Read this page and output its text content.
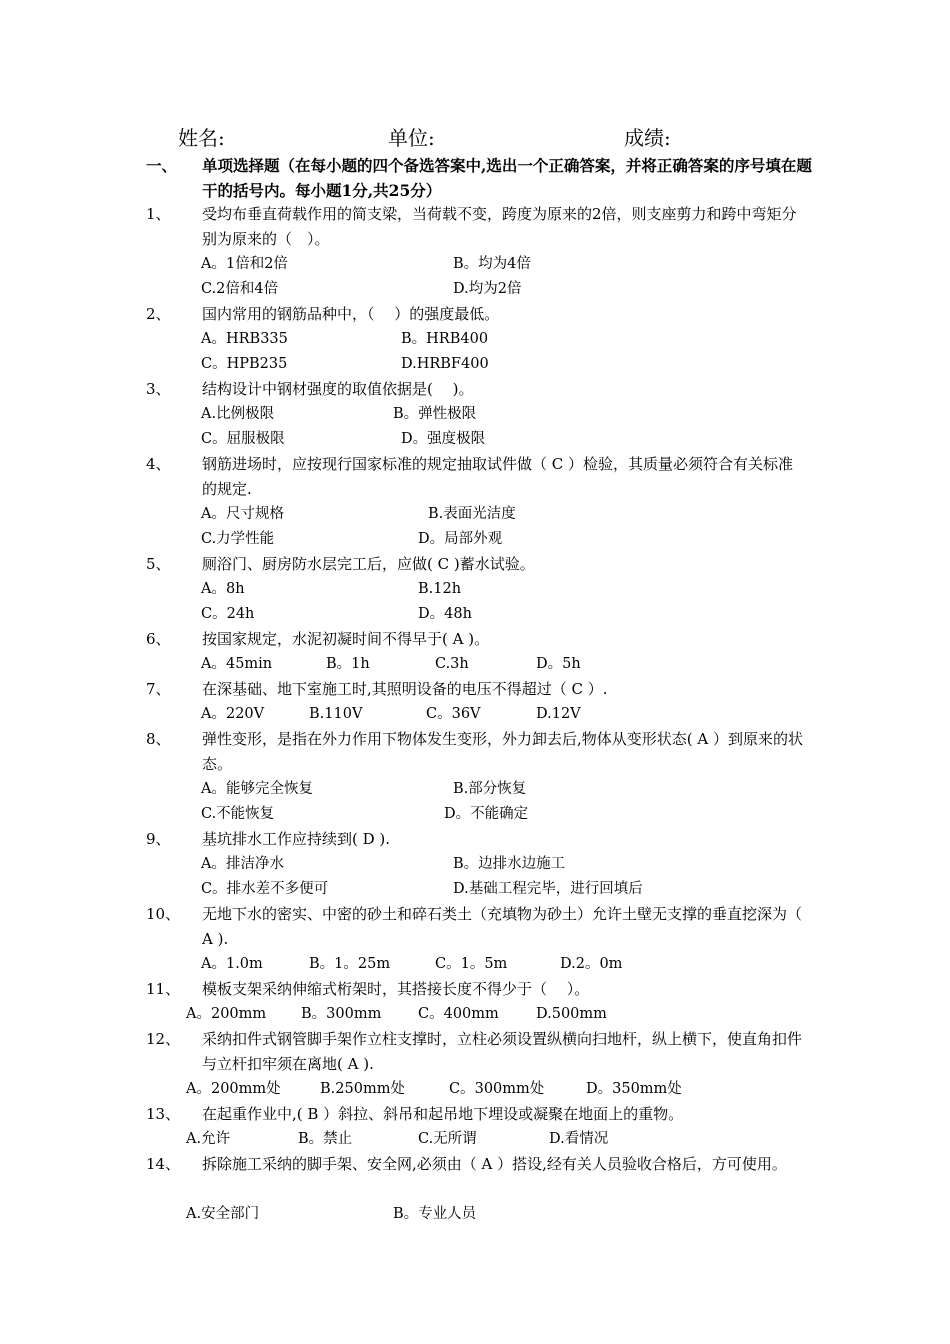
姓名:	单位:	成绩:
一、 单项选择题（在每小题的四个备选答案中,选出一个正确答案，并将正确答案的序号填在题干的括号内。每小题1分,共25分）
1、 受均布垂直荷载作用的简支梁，当荷载不变，跨度为原来的2倍，则支座剪力和跨中弯矩分别为原来的（　）。
A。1倍和2倍	B。均为4倍
C.2倍和4倍	D.均为2倍
2、 国内常用的钢筋品种中，（　 ）的强度最低。
A。HRB335	B。HRB400
C。HPB235	D.HRBF400
3、 结构设计中钢材强度的取值依据是(　 )。
A.比例极限	B。弹性极限
C。屈服极限	D。强度极限
4、 钢筋进场时，应按现行国家标准的规定抽取试件做（ C ）检验，其质量必须符合有关标准的规定.
A。尺寸规格	B.表面光洁度
C.力学性能	D。局部外观
5、 厕浴门、厨房防水层完工后，应做( C )蓄水试验。
A。8h	B.12h
C。24h	D。48h
6、 按国家规定，水泥初凝时间不得早于( A )。
A。45min	B。1h	C.3h	D。5h
7、 在深基础、地下室施工时,其照明设备的电压不得超过（ C ）.
A。220V	B.110V	C。36V	D.12V
8、 弹性变形，是指在外力作用下物体发生变形，外力卸去后,物体从变形状态( A ）到原来的状态。
A。能够完全恢复	B.部分恢复
C.不能恢复	D。不能确定
9、 基坑排水工作应持续到( D ).
A。排洁净水	B。边排水边施工
C。排水差不多便可	D.基础工程完毕，进行回填后
10、 无地下水的密实、中密的砂土和碎石类土（充填物为砂土）允许土壁无支撑的垂直挖深为（ A ).
A。1.0m	B。1。25m	C。1。5m	D.2。0m
11、 模板支架采纳伸缩式桁架时，其搭接长度不得少于（　 ）。
A。200mm B。300mm	C。400mm	D.500mm
12、 采纳扣件式钢管脚手架作立柱支撑时，立柱必须设置纵横向扫地杆，纵上横下，使直角扣件与立杆扣牢须在离地( A ).
A。200mm处	B.250mm处	C。300mm处	D。350mm处
13、 在起重作业中,( B ）斜拉、斜吊和起吊地下埋设或凝聚在地面上的重物。
A.允许	B。禁止	C.无所谓	D.看情况
14、 拆除施工采纳的脚手架、安全网,必须由（ A ）搭设,经有关人员验收合格后，方可使用。
A.安全部门	B。专业人员
